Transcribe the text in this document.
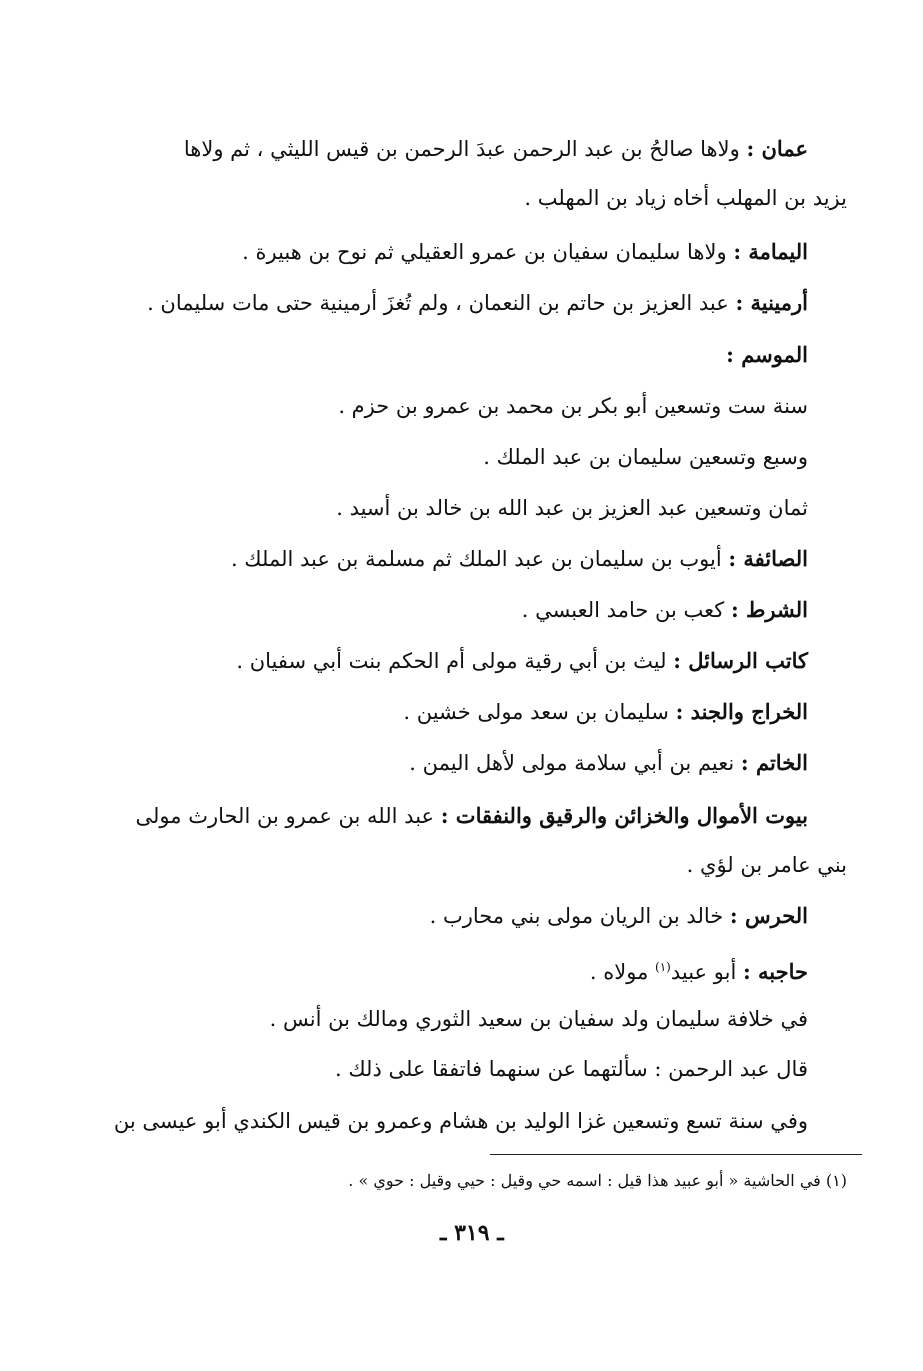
عمان : ولاها صالحُ بن عبد الرحمن عبدَ الرحمن بن قيس الليثي ، ثم ولاها
يزيد بن المهلب أخاه زياد بن المهلب .
اليمامة : ولاها سليمان سفيان بن عمرو العقيلي ثم نوح بن هبيرة .
أرمينية : عبد العزيز بن حاتم بن النعمان ، ولم تُغزَ أرمينية حتى مات سليمان .
الموسم :
سنة ست وتسعين أبو بكر بن محمد بن عمرو بن حزم .
وسبع وتسعين سليمان بن عبد الملك .
ثمان وتسعين عبد العزيز بن عبد الله بن خالد بن أسيد .
الصائفة : أيوب بن سليمان بن عبد الملك ثم مسلمة بن عبد الملك .
الشرط : كعب بن حامد العبسي .
كاتب الرسائل : ليث بن أبي رقية مولى أم الحكم بنت أبي سفيان .
الخراج والجند : سليمان بن سعد مولى خشين .
الخاتم : نعيم بن أبي سلامة مولى لأهل اليمن .
بيوت الأموال والخزائن والرقيق والنفقات : عبد الله بن عمرو بن الحارث مولى
بني عامر بن لؤي .
الحرس : خالد بن الريان مولى بني محارب .
حاجبه : أبو عبيد$^{(١)}$ مولاه .
في خلافة سليمان ولد سفيان بن سعيد الثوري ومالك بن أنس .
قال عبد الرحمن : سألتهما عن سنهما فاتفقا على ذلك .
وفي سنة تسع وتسعين غزا الوليد بن هشام وعمرو بن قيس الكندي أبو عيسى بن
(١) في الحاشية « أبو عبيد هذا قيل : اسمه حي وقيل : حيي وقيل : حوي » .
ـ ٣١٩ ـ
